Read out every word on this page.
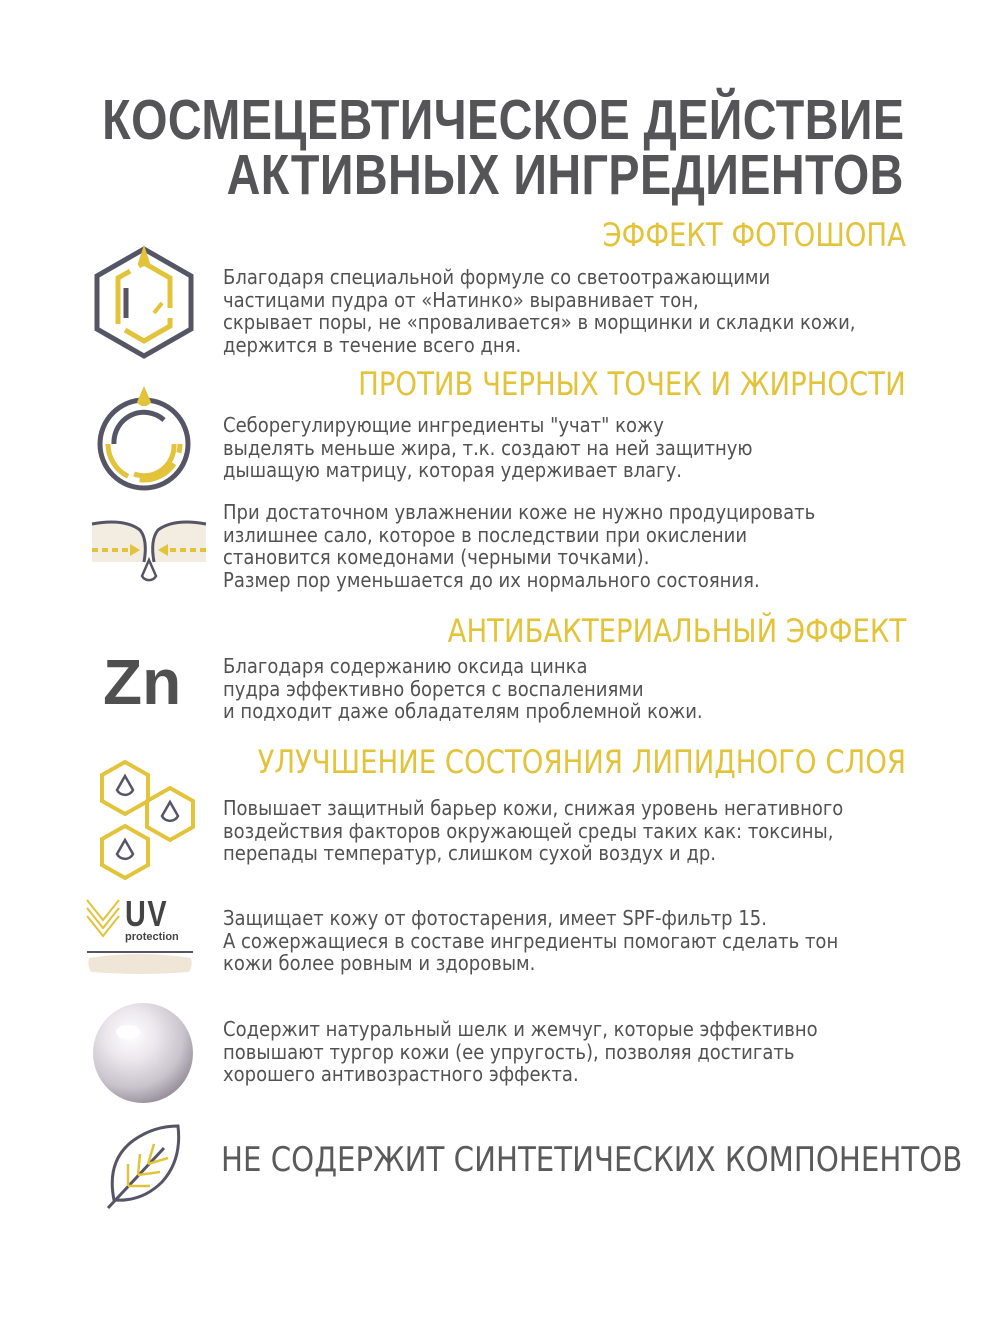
КОСМЕЦЕВТИЧЕСКОЕ ДЕЙСТВИЕ
АКТИВНЫХ ИНГРЕДИЕНТОВ
ЭФФЕКТ ФОТОШОПА
Благодаря специальной формуле со светоотражающими
частицами пудра от «Натинко» выравнивает тон,
скрывает поры, не «проваливается» в морщинки и складки кожи,
держится в течение всего дня.
ПРОТИВ ЧЕРНЫХ ТОЧЕК И ЖИРНОСТИ
Себорегулирующие ингредиенты "учат" кожу
выделять меньше жира, т.к. создают на ней защитную
дышащую матрицу, которая удерживает влагу.
При достаточном увлажнении коже не нужно продуцировать
излишнее сало, которое в последствии при окислении
становится комедонами (черными точками).
Размер пор уменьшается до их нормального состояния.
АНТИБАКТЕРИАЛЬНЫЙ ЭФФЕКТ
Zn Благодаря содержанию оксида цинка
пудра эффективно борется с воспалениями
и подходит даже обладателям проблемной кожи.
УЛУЧШЕНИЕ СОСТОЯНИЯ ЛИПИДНОГО СЛОЯ
Повышает защитный барьер кожи, снижая уровень негативного
воздействия факторов окружающей среды таких как: токсины,
перепады температур, слишком сухой воздух и др.
UV
protection
Защищает кожу от фотостарения, имеет SPF-фильтр 15.
А сожержащиеся в составе ингредиенты помогают сделать тон
кожи более ровным и здоровым.
Содержит натуральный шелк и жемчуг, которые эффективно
повышают тургор кожи (ее упругость), позволяя достигать
хорошего антивозрастного эффекта.
НЕ СОДЕРЖИТ СИНТЕТИЧЕСКИХ КОМПОНЕНТОВ
